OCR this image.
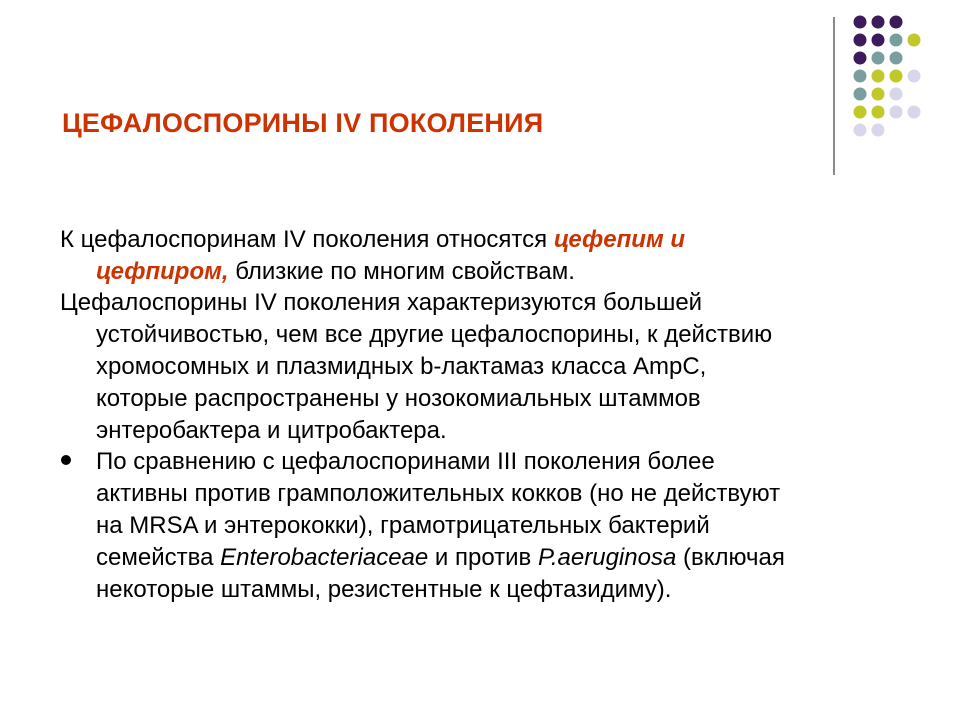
ЦЕФАЛОСПОРИНЫ IV ПОКОЛЕНИЯ

К цефалоспоринам IV поколения относятся цефепим и
цефпиром, близкие по многим свойствам.

Цефалоспорины IV поколения характеризуются большей
устойчивостью, чем все другие цефалоспорины, к действию
хромосомных и плазмидных b-лактамаз класса AmpC,
которые распространены у нозокомиальных штаммов
энтеробактера и цитробактера.

По сравнению с цефалоспоринами III поколения более
активны против грамположительных кокков (но не действуют
на MRSA и энтерококки), грамотрицательных бактерий
семейства Enterobacteriaceae и против P.aeruginosa (включая
некоторые штаммы, резистентные к цефтазидиму).
